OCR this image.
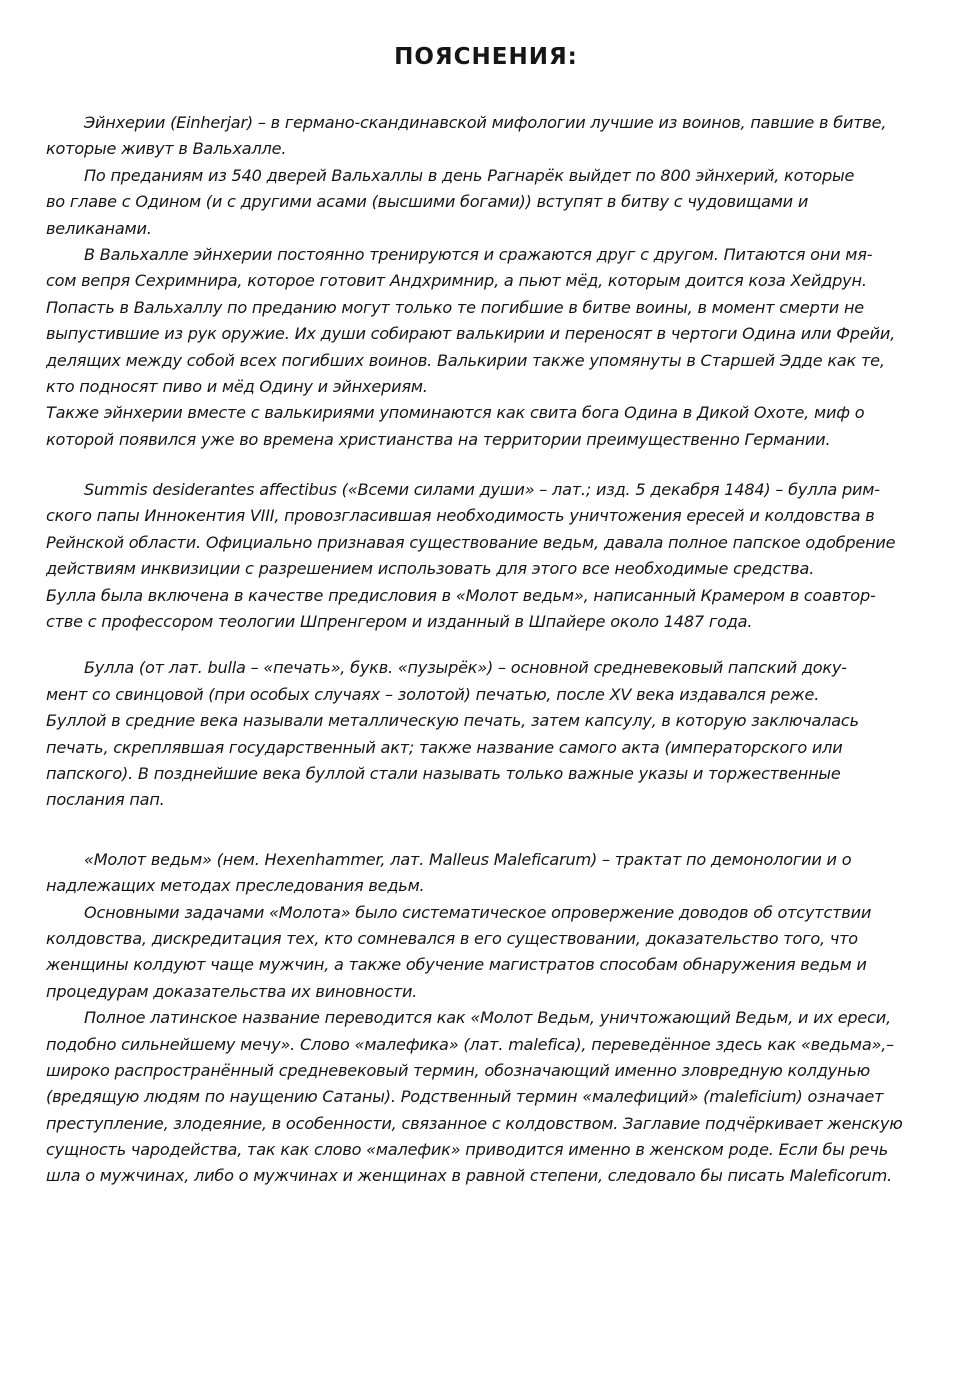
ПОЯСНЕНИЯ:
Эйнхерии (Einherjar) – в германо-скандинавской мифологии лучшие из воинов, павшие в битве,
которые живут в Вальхалле.
По преданиям из 540 дверей Вальхаллы в день Рагнарёк выйдет по 800 эйнхерий, которые
во главе с Одином (и с другими асами (высшими богами)) вступят в битву с чудовищами и
великанами.
В Вальхалле эйнхерии постоянно тренируются и сражаются друг с другом. Питаются они мя-
сом вепря Сехримнира, которое готовит Андхримнир, а пьют мёд, которым доится коза Хейдрун.
Попасть в Вальхаллу по преданию могут только те погибшие в битве воины, в момент смерти не
выпустившие из рук оружие. Их души собирают валькирии и переносят в чертоги Одина или Фрейи,
делящих между собой всех погибших воинов. Валькирии также упомянуты в Старшей Эдде как те,
кто подносят пиво и мёд Одину и эйнхериям.
Также эйнхерии вместе с валькириями упоминаются как свита бога Одина в Дикой Охоте, миф о
которой появился уже во времена христианства на территории преимущественно Германии.
Summis desiderantes affectibus («Всеми силами души» – лат.; изд. 5 декабря 1484) – булла рим-
ского папы Иннокентия VIII, провозгласившая необходимость уничтожения ересей и колдовства в
Рейнской области. Официально признавая существование ведьм, давала полное папское одобрение
действиям инквизиции с разрешением использовать для этого все необходимые средства.
Булла была включена в качестве предисловия в «Молот ведьм», написанный Крамером в соавтор-
стве с профессором теологии Шпренгером и изданный в Шпайере около 1487 года.
Булла (от лат. bulla – «печать», букв. «пузырёк») – основной средневековый папский доку-
мент со свинцовой (при особых случаях – золотой) печатью, после XV века издавался реже.
Буллой в средние века называли металлическую печать, затем капсулу, в которую заключалась
печать, скреплявшая государственный акт; также название самого акта (императорского или
папского). В позднейшие века буллой стали называть только важные указы и торжественные
послания пап.
«Молот ведьм» (нем. Hexenhammer, лат. Malleus Maleficarum) – трактат по демонологии и о
надлежащих методах преследования ведьм.
Основными задачами «Молота» было систематическое опровержение доводов об отсутствии
колдовства, дискредитация тех, кто сомневался в его существовании, доказательство того, что
женщины колдуют чаще мужчин, а также обучение магистратов способам обнаружения ведьм и
процедурам доказательства их виновности.
Полное латинское название переводится как «Молот Ведьм, уничтожающий Ведьм, и их ереси,
подобно сильнейшему мечу». Слово «малефика» (лат. malefica), переведённое здесь как «ведьма»,–
широко распространённый средневековый термин, обозначающий именно зловредную колдунью
(вредящую людям по наущению Сатаны). Родственный термин «малефиций» (maleficium) означает
преступление, злодеяние, в особенности, связанное с колдовством. Заглавие подчёркивает женскую
сущность чародейства, так как слово «малефик» приводится именно в женском роде. Если бы речь
шла о мужчинах, либо о мужчинах и женщинах в равной степени, следовало бы писать Maleficorum.
